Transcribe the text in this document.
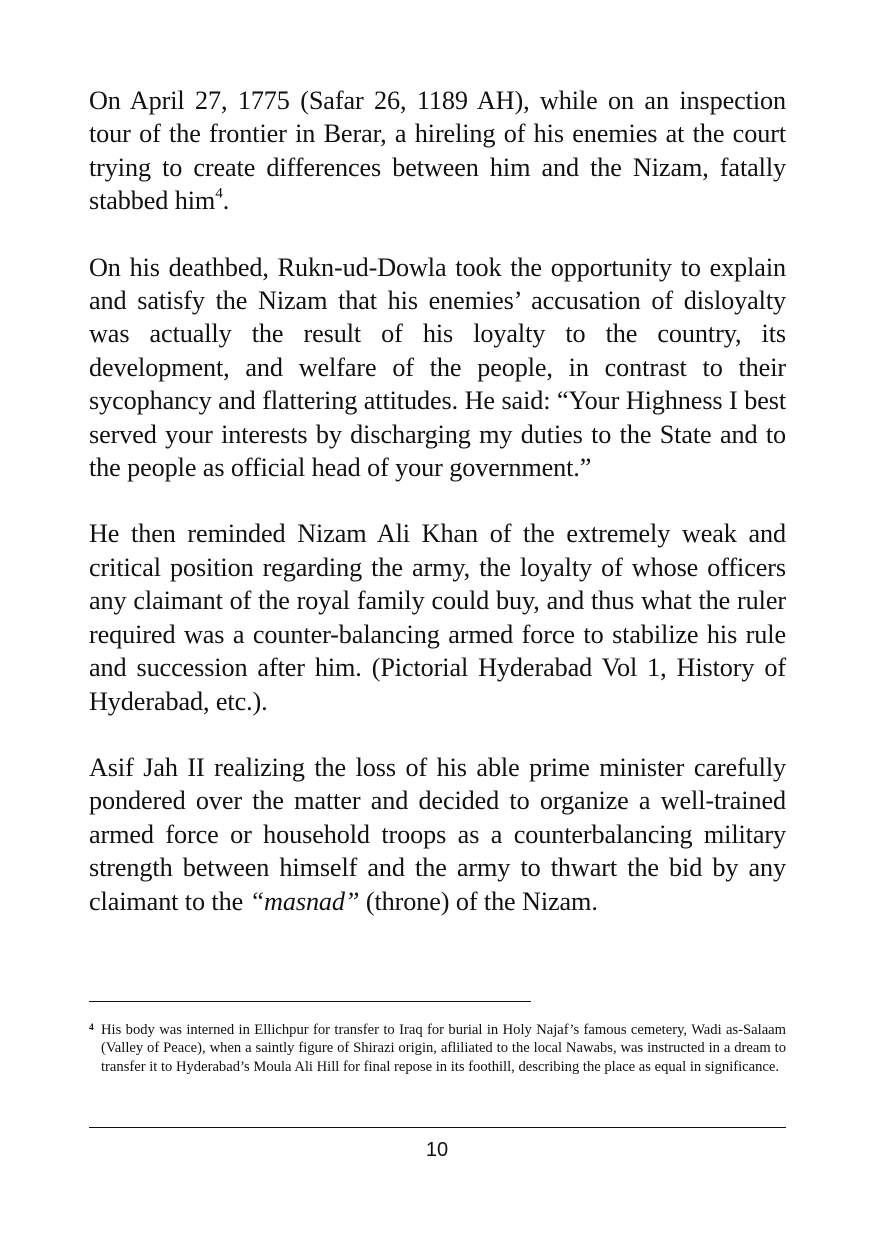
On April 27, 1775 (Safar 26, 1189 AH), while on an inspection tour of the frontier in Berar, a hireling of his enemies at the court trying to create differences between him and the Nizam, fatally stabbed him$^4$.

On his deathbed, Rukn-ud-Dowla took the opportunity to explain and satisfy the Nizam that his enemies’ accusation of disloyalty was actually the result of his loyalty to the country, its development, and welfare of the people, in contrast to their sycophancy and flattering attitudes. He said: “Your Highness I best served your interests by discharging my duties to the State and to the people as official head of your government.”

He then reminded Nizam Ali Khan of the extremely weak and critical position regarding the army, the loyalty of whose officers any claimant of the royal family could buy, and thus what the ruler required was a counter-balancing armed force to stabilize his rule and succession after him. (Pictorial Hyderabad Vol 1, History of Hyderabad, etc.).

Asif Jah II realizing the loss of his able prime minister carefully pondered over the matter and decided to organize a well-trained armed force or household troops as a counterbalancing military strength between himself and the army to thwart the bid by any claimant to the “masnad” (throne) of the Nizam.

4 His body was interned in Ellichpur for transfer to Iraq for burial in Holy Najaf’s famous cemetery, Wadi as-Salaam (Valley of Peace), when a saintly figure of Shirazi origin, afliliated to the local Nawabs, was instructed in a dream to transfer it to Hyderabad’s Moula Ali Hill for final repose in its foothill, describing the place as equal in significance.
10
